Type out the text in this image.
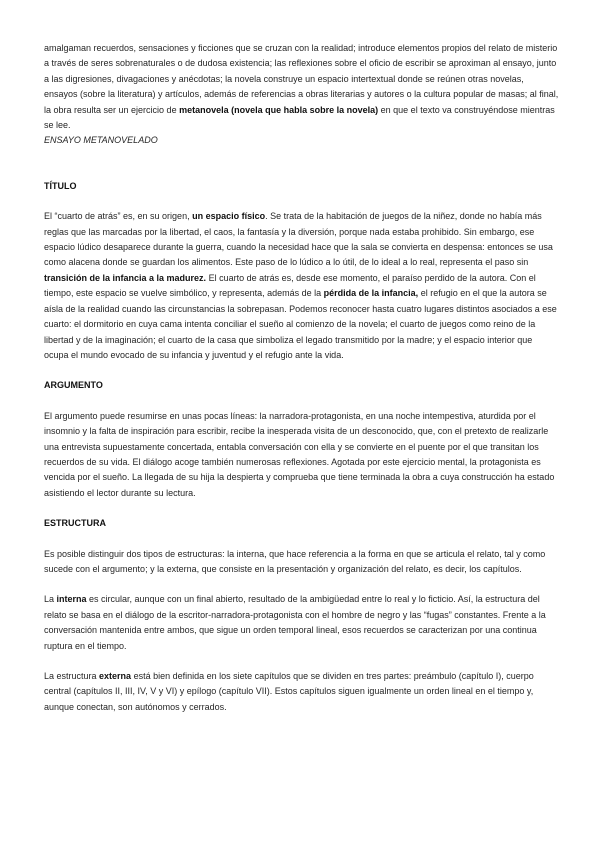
amalgaman recuerdos, sensaciones y ficciones que se cruzan con la realidad; introduce elementos propios del relato de misterio a través de seres sobrenaturales o de dudosa existencia; las reflexiones sobre el oficio de escribir se aproximan al ensayo, junto a las digresiones, divagaciones y anécdotas; la novela construye un espacio intertextual donde se reúnen otras novelas, ensayos (sobre la literatura) y artículos, además de referencias a obras literarias y autores o la cultura popular de masas; al final, la obra resulta ser un ejercicio de metanovela (novela que habla sobre la novela) en que el texto va construyéndose mientras se lee.
ENSAYO METANOVELADO

TÍTULO

El “cuarto de atrás” es, en su origen, un espacio físico. Se trata de la habitación de juegos de la niñez, donde no había más reglas que las marcadas por la libertad, el caos, la fantasía y la diversión, porque nada estaba prohibido. Sin embargo, ese espacio lúdico desaparece durante la guerra, cuando la necesidad hace que la sala se convierta en despensa: entonces se usa como alacena donde se guardan los alimentos. Este paso de lo lúdico a lo útil, de lo ideal a lo real, representa el paso sin transición de la infancia a la madurez. El cuarto de atrás es, desde ese momento, el paraíso perdido de la autora. Con el tiempo, este espacio se vuelve simbólico, y representa, además de la pérdida de la infancia, el refugio en el que la autora se aísla de la realidad cuando las circunstancias la sobrepasan. Podemos reconocer hasta cuatro lugares distintos asociados a ese cuarto: el dormitorio en cuya cama intenta conciliar el sueño al comienzo de la novela; el cuarto de juegos como reino de la libertad y de la imaginación; el cuarto de la casa que simboliza el legado transmitido por la madre; y el espacio interior que ocupa el mundo evocado de su infancia y juventud y el refugio ante la vida.

ARGUMENTO

El argumento puede resumirse en unas pocas líneas: la narradora-protagonista, en una noche intempestiva, aturdida por el insomnio y la falta de inspiración para escribir, recibe la inesperada visita de un desconocido, que, con el pretexto de realizarle una entrevista supuestamente concertada, entabla conversación con ella y se convierte en el puente por el que transitan los recuerdos de su vida. El diálogo acoge también numerosas reflexiones. Agotada por este ejercicio mental, la protagonista es vencida por el sueño. La llegada de su hija la despierta y comprueba que tiene terminada la obra a cuya construcción ha estado asistiendo el lector durante su lectura.

ESTRUCTURA

Es posible distinguir dos tipos de estructuras: la interna, que hace referencia a la forma en que se articula el relato, tal y como sucede con el argumento; y la externa, que consiste en la presentación y organización del relato, es decir, los capítulos.

La interna es circular, aunque con un final abierto, resultado de la ambigüedad entre lo real y lo ficticio. Así, la estructura del relato se basa en el diálogo de la escritor-narradora-protagonista con el hombre de negro y las “fugas” constantes. Frente a la conversación mantenida entre ambos, que sigue un orden temporal lineal, esos recuerdos se caracterizan por una continua ruptura en el tiempo.

La estructura externa está bien definida en los siete capítulos que se dividen en tres partes: preámbulo (capítulo I), cuerpo central (capítulos II, III, IV, V y VI) y epílogo (capítulo VII). Estos capítulos siguen igualmente un orden lineal en el tiempo y, aunque conectan, son autónomos y cerrados.
